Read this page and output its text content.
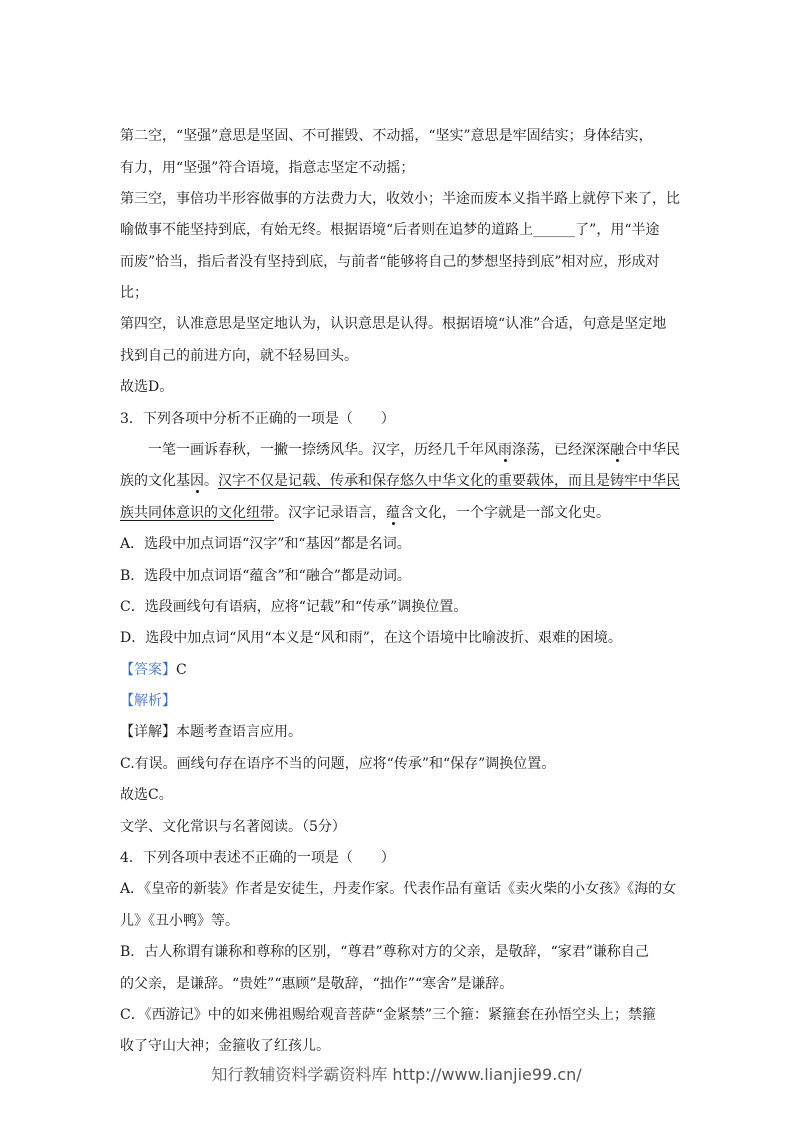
第二空，“坚强”意思是坚固、不可摧毁、不动摇，“坚实”意思是牢固结实；身体结实，
有力，用“坚强”符合语境，指意志坚定不动摇；
第三空，事倍功半形容做事的方法费力大，收效小；半途而废本义指半路上就停下来了，比
喻做事不能坚持到底，有始无终。根据语境“后者则在追梦的道路上______了”，用“半途
而废”恰当，指后者没有坚持到底，与前者“能够将自己的梦想坚持到底”相对应，形成对
比；
第四空，认准意思是坚定地认为，认识意思是认得。根据语境“认准”合适，句意是坚定地
找到自己的前进方向，就不轻易回头。
故选D。
3．下列各项中分析不正确的一项是（　　）
一笔一画诉春秋，一撇一捺绣风华。汉字，历经几千年风雨涤荡，已经深深融合中华民
族的文化基因。汉字不仅是记载、传承和保存悠久中华文化的重要载体，而且是铸牢中华民
族共同体意识的文化纽带。汉字记录语言，蕴含文化，一个字就是一部文化史。
A．选段中加点词语“汉字”和“基因”都是名词。
B．选段中加点词语“蕴含”和“融合”都是动词。
C．选段画线句有语病，应将“记载”和“传承”调换位置。
D．选段中加点词“风用“本义是“风和雨”，在这个语境中比喻波折、艰难的困境。
【答案】C
【解析】
【详解】本题考查语言应用。
C.有误。画线句存在语序不当的问题，应将“传承”和“保存”调换位置。
故选C。
文学、文化常识与名著阅读。（5分）
4．下列各项中表述不正确的一项是（　　）
A．《皇帝的新装》作者是安徒生，丹麦作家。代表作品有童话《卖火柴的小女孩》《海的女
儿》《丑小鸭》等。
B．古人称谓有谦称和尊称的区别，“尊君”尊称对方的父亲，是敬辞，“家君”谦称自己
的父亲，是谦辞。“贵姓”“惠顾”是敬辞，“拙作”“寒舍”是谦辞。
C．《西游记》中的如来佛祖赐给观音菩萨“金紧禁”三个箍：紧箍套在孙悟空头上；禁箍
收了守山大神；金箍收了红孩儿。
知行教辅资料学霸资料库 http://www.lianjie99.cn/
